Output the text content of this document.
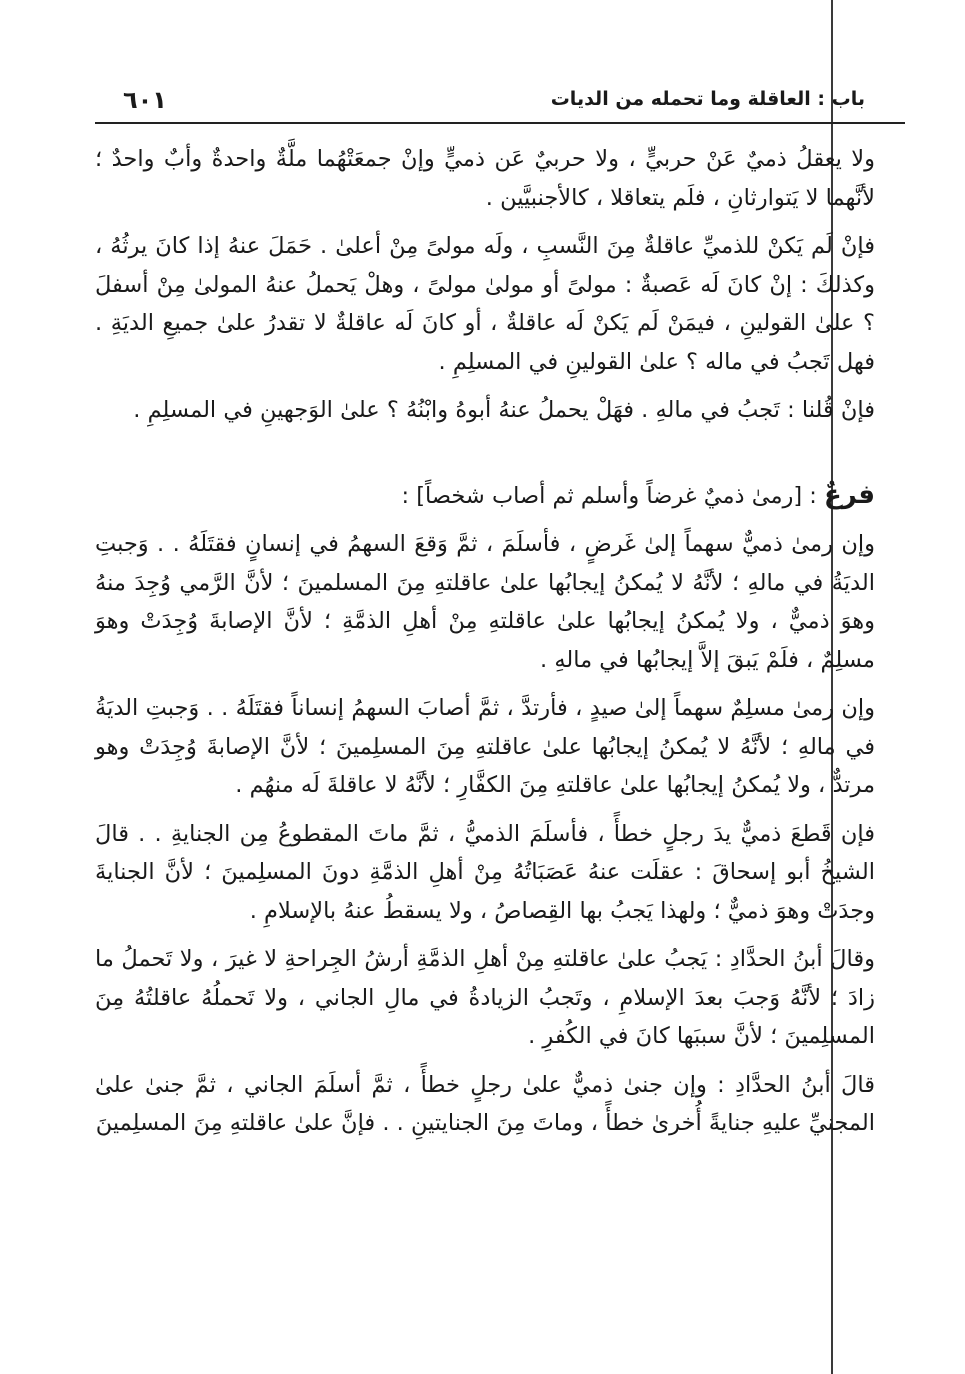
باب : العاقلة وما تحمله من الديات
٦٠١

ولا يعقلُ ذميٌ عَنْ حربيٍّ ، ولا حربيٌ عَن ذميٍّ وإنْ جمعَتْهُما ملَّةٌ واحدةٌ وأبٌ واحدٌ ؛ لأنَّهما لا يَتوارثانِ ، فلَم يتعاقلا ، كالأجنبيَّين .

فإنْ لَم يَكنْ للذميِّ عاقلةٌ مِنَ النَّسبِ ، ولَه مولىً مِنْ أعلىٰ . حَمَلَ عنهُ إذا كانَ يرثُهُ ، وكذلكَ : إنْ كانَ لَه عَصبةٌ : مولىً أو مولىٰ مولىً ، وهلْ يَحملُ عنهُ المولىٰ مِنْ أسفلَ ؟ علىٰ القولينِ ، فيمَنْ لَم يَكنْ لَه عاقلةٌ ، أو كانَ لَه عاقلةٌ لا تقدرُ علىٰ جميعِ الديَةِ . فهل تَجبُ في ماله ؟ علىٰ القولينِ في المسلِمِ .

فإنْ قُلنا : تَجبُ في مالهِ . فهَلْ يحملُ عنهُ أبوهُ وابْنُهُ ؟ علىٰ الوَجهينِ في المسلِمِ .

فرعٌ : [رمىٰ ذميٌ غرضاً وأسلم ثم أصاب شخصاً] :

وإن رمىٰ ذميٌّ سهماً إلىٰ غَرضٍ ، فأسلَمَ ، ثمَّ وَقعَ السهمُ في إنسانٍ فقتَلَهُ . . وَجبتِ الديَةُ في مالهِ ؛ لأنَّهُ لا يُمكنُ إيجابُها علىٰ عاقلتهِ مِنَ المسلمينَ ؛ لأنَّ الرَّمي وُجِدَ منهُ وهوَ ذميٌّ ، ولا يُمكنُ إيجابُها علىٰ عاقلتهِ مِنْ أهلِ الذمَّةِ ؛ لأنَّ الإصابةَ وُجِدَتْ وهوَ مسلِمٌ ، فلَمْ يَبقَ إلاَّ إيجابُها في مالهِ .

وإن رمىٰ مسلِمٌ سهماً إلىٰ صيدٍ ، فأرتدَّ ، ثمَّ أصابَ السهمُ إنساناً فقتَلَهُ . . وَجبتِ الديَةُ في مالهِ ؛ لأنَّهُ لا يُمكنُ إيجابُها علىٰ عاقلتهِ مِنَ المسلِمينَ ؛ لأنَّ الإصابةَ وُجِدَتْ وهو مرتدٌّ ، ولا يُمكنُ إيجابُها علىٰ عاقلتهِ مِنَ الكفَّارِ ؛ لأنَّهُ لا عاقلةَ لَه منهُم .

فإن قَطعَ ذميٌّ يدَ رجلٍ خطأً ، فأسلَمَ الذميُّ ، ثمَّ ماتَ المقطوعُ مِن الجنايةِ . . قالَ الشيخُ أبو إسحاقَ : عقلَت عنهُ عَصَبَاتُهُ مِنْ أهلِ الذمَّةِ دونَ المسلِمينَ ؛ لأنَّ الجنايةَ وجدَتْ وهوَ ذميٌّ ؛ ولهذا يَجبُ بها القِصاصُ ، ولا يسقطُ عنهُ بالإسلامِ .

وقالَ أبنُ الحدَّادِ : يَجبُ علىٰ عاقلتهِ مِنْ أهلِ الذمَّةِ أرشُ الجِراحةِ لا غيرَ ، ولا تَحملُ ما زادَ ؛ لأنَّهُ وَجبَ بعدَ الإسلامِ ، وتَجبُ الزيادةُ في مالِ الجاني ، ولا تَحملُهُ عاقلتُهُ مِنَ المسلِمينَ ؛ لأنَّ سببَها كانَ في الكُفرِ .

قالَ أبنُ الحدَّادِ : وإن جنىٰ ذميٌّ علىٰ رجلٍ خطأً ، ثمَّ أسلَمَ الجاني ، ثمَّ جنىٰ علىٰ المجنيِّ عليهِ جنايةً أُخرىٰ خطأً ، وماتَ مِنَ الجنايتينِ . . فإنَّ علىٰ عاقلتهِ مِنَ المسلِمينَ
